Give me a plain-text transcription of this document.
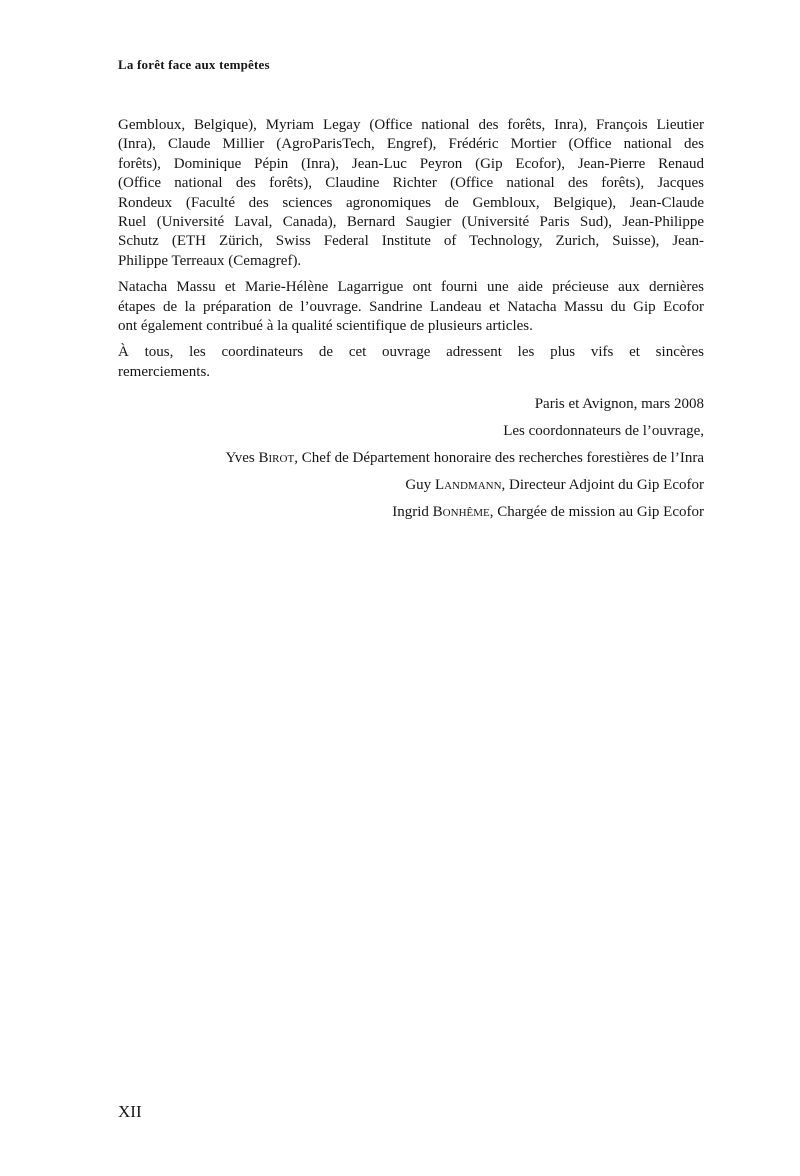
La forêt face aux tempêtes
Gembloux, Belgique), Myriam Legay (Office national des forêts, Inra), François Lieutier
(Inra), Claude Millier (AgroParisTech, Engref), Frédéric Mortier (Office national des
forêts), Dominique Pépin (Inra), Jean-Luc Peyron (Gip Ecofor), Jean-Pierre Renaud
(Office national des forêts), Claudine Richter (Office national des forêts), Jacques
Rondeux (Faculté des sciences agronomiques de Gembloux, Belgique), Jean-Claude
Ruel (Université Laval, Canada), Bernard Saugier (Université Paris Sud), Jean-Philippe
Schutz (ETH Zürich, Swiss Federal Institute of Technology, Zurich, Suisse), Jean-
Philippe Terreaux (Cemagref).
Natacha Massu et Marie-Hélène Lagarrigue ont fourni une aide précieuse aux dernières
étapes de la préparation de l’ouvrage. Sandrine Landeau et Natacha Massu du Gip Ecofor
ont également contribué à la qualité scientifique de plusieurs articles.
À tous, les coordinateurs de cet ouvrage adressent les plus vifs et sincères
remerciements.
Paris et Avignon, mars 2008
Les coordonnateurs de l’ouvrage,
Yves Birot, Chef de Département honoraire des recherches forestières de l’Inra
Guy Landmann, Directeur Adjoint du Gip Ecofor
Ingrid Bonhême, Chargée de mission au Gip Ecofor
XII
